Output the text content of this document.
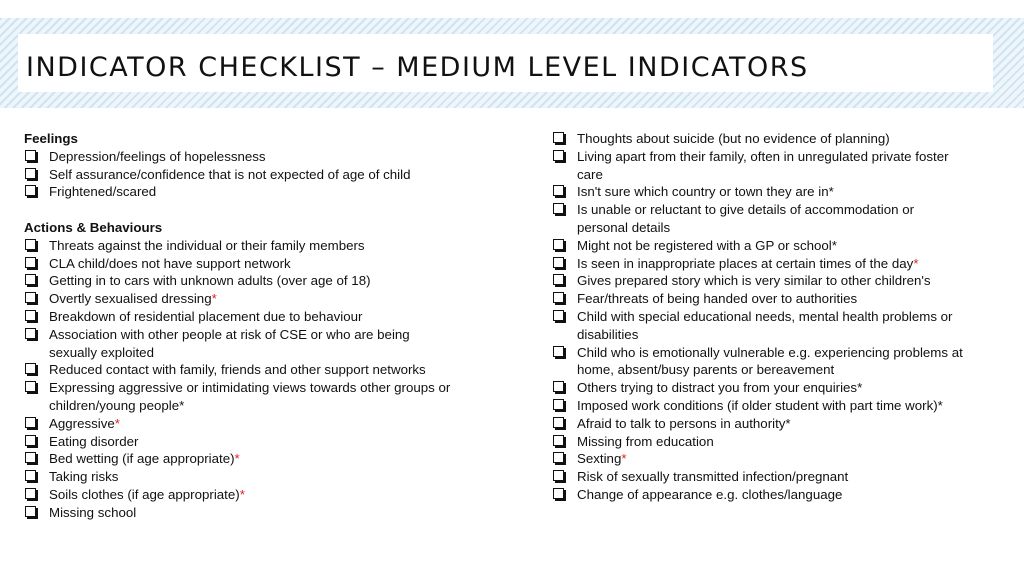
INDICATOR CHECKLIST – MEDIUM LEVEL INDICATORS
Feelings
Depression/feelings of hopelessness
Self assurance/confidence that is not expected of age of child
Frightened/scared
Actions & Behaviours
Threats against the individual or their family members
CLA child/does not have support network
Getting in to cars with unknown adults (over age of 18)
Overtly sexualised dressing*
Breakdown of residential placement due to behaviour
Association with other people at risk of CSE or who are being
sexually exploited
Reduced contact with family, friends and other support networks
Expressing aggressive or intimidating views towards other groups or
children/young people*
Aggressive*
Eating disorder
Bed wetting (if age appropriate)*
Taking risks
Soils clothes (if age appropriate)*
Missing school
Thoughts about suicide (but no evidence of planning)
Living apart from their family, often in unregulated private foster
care
Isn't sure which country or town they are in*
Is unable or reluctant to give details of accommodation or
personal details
Might not be registered with a GP or school*
Is seen in inappropriate places at certain times of the day*
Gives prepared story which is very similar to other children's
Fear/threats of being handed over to authorities
Child with special educational needs, mental health problems or
disabilities
Child who is emotionally vulnerable e.g. experiencing problems at
home, absent/busy parents or bereavement
Others trying to distract you from your enquiries*
Imposed work conditions (if older student with part time work)*
Afraid to talk to persons in authority*
Missing from education
Sexting*
Risk of sexually transmitted infection/pregnant
Change of appearance e.g. clothes/language
